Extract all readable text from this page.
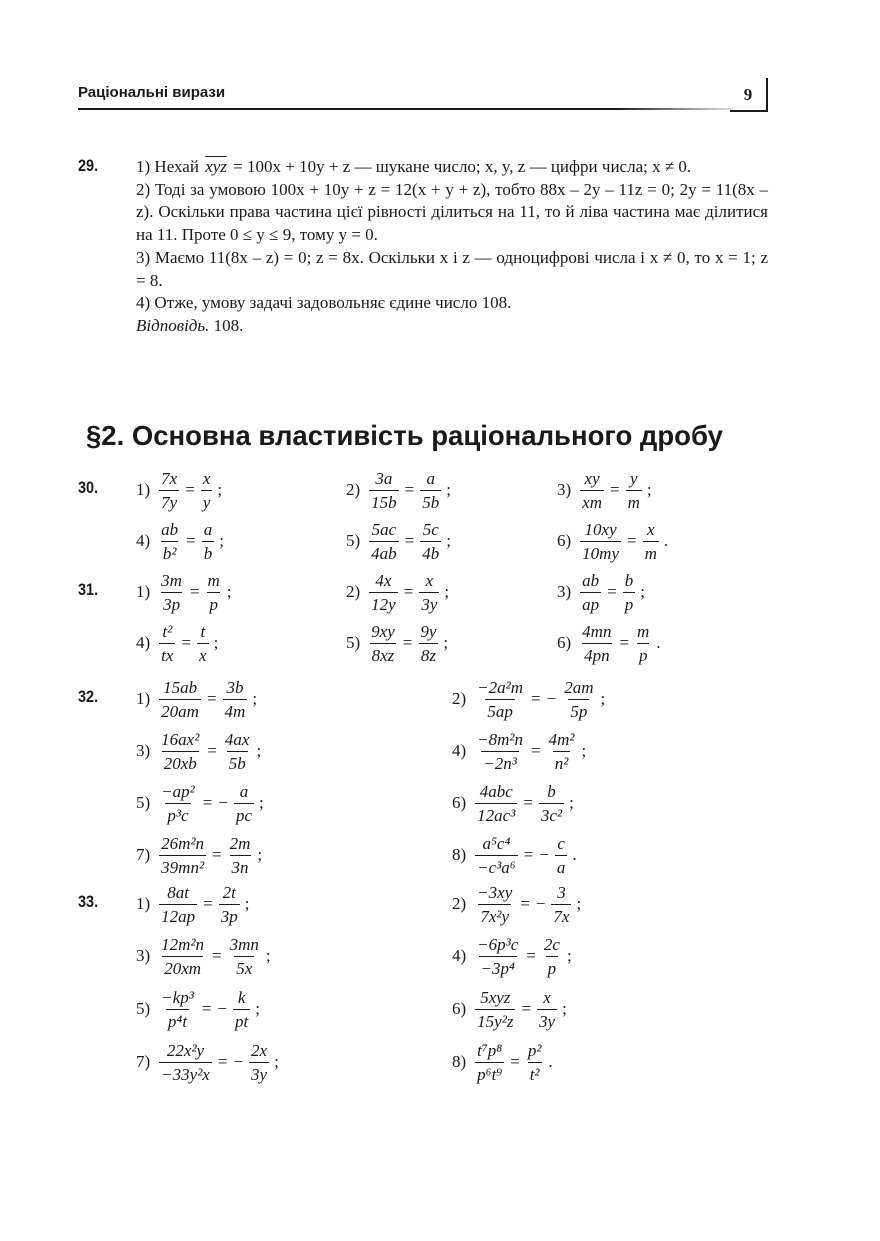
Раціональні вирази	9
29. 1) Нехай $\overline{xyz} = 100x + 10y + z$ — шукане число; x, y, z — цифри числа; x ≠ 0.

2) Тоді за умовою 100x + 10y + z = 12(x + y + z), тобто 88x – 2y – 11z = 0; 2y = 11(8x – z). Оскільки права частина цієї рівності ділиться на 11, то й ліва частина має ділитися на 11. Проте 0 ≤ y ≤ 9, тому y = 0.

3) Маємо 11(8x – z) = 0; z = 8x. Оскільки x і z — одноцифрові числа і x ≠ 0, то x = 1; z = 8.

4) Отже, умову задачі задовольняє єдине число 108.

Відповідь. 108.

§2. Основна властивість раціонального дробу
30. $1) \frac{7x}{7y} = \frac{x}{y}$ ;	$2) \frac{3a}{15b} = \frac{a}{5b}$ ;	$3) \frac{xy}{xm} = \frac{y}{m}$ ;
$4) \frac{ab}{\text{b²}} = \frac{a}{b}$ ;	$5) \frac{5ac}{4ab} = \frac{5c}{4b}$ ;	$6) \frac{10xy}{10my} = \frac{x}{m}$ .
31. $1) \frac{3m}{3p} = \frac{m}{p}$ ;	$2) \frac{4x}{12y} = \frac{x}{3y}$ ;	$3) \frac{ab}{ap} = \frac{b}{p}$ ;
$4) \frac{\text{t²}}{tx} = \frac{t}{x}$ ;	$5) \frac{9xy}{8xz} = \frac{9y}{8z}$ ;	$6) \frac{4mn}{4pn} = \frac{m}{p}$ .
32. $1) \frac{15ab}{20am} = \frac{3b}{4m}$ ;	$2) \frac{\text{−2a²m}}{5ap}$ = − $\frac{2am}{5p}$ ;
$3) \frac{\text{16ax²}}{20xb} = \frac{4ax}{5b}$ ;	$4) \frac{\text{−8m²n}}{\text{−2n³}} = \frac{\text{4m²}}{\text{n²}}$ ;
$5) \frac{\text{−ap²}}{\text{p³c}}$ = − $\frac{a}{pc}$ ;	$6) \frac{\text{4abc}}{\text{12ac³}} = \frac{b}{\text{3c²}}$ ;
$7) \frac{\text{26m²n}}{\text{39mn²}} = \frac{2m}{3n}$ ;	$8) \frac{\text{a⁵c⁴}}{\text{−c³a⁶}}$ = − $\frac{c}{a}$ .
33. $1) \frac{8at}{12ap} = \frac{2t}{3p}$ ;	$2) \frac{-3xy}{\text{7x²y}}$ = − $\frac{3}{7x}$ ;
$3) \frac{\text{12m²n}}{20xm} = \frac{3mn}{5x}$ ;	$4) \frac{\text{−6p³c}}{\text{−3p⁴}} = \frac{2c}{p}$ ;
$5) \frac{\text{−kp³}}{\text{p⁴t}}$ = − $\frac{k}{pt}$ ;	$6) \frac{\text{5xyz}}{\text{15y²z}} = \frac{x}{3y}$ ;
$7) \frac{\text{22x²y}}{\text{−33y²x}}$ = − $\frac{2x}{3y}$ ;	$8) \frac{\text{t⁷p⁸}}{\text{p⁶t⁹}} = \frac{\text{p²}}{\text{t²}}$ .
